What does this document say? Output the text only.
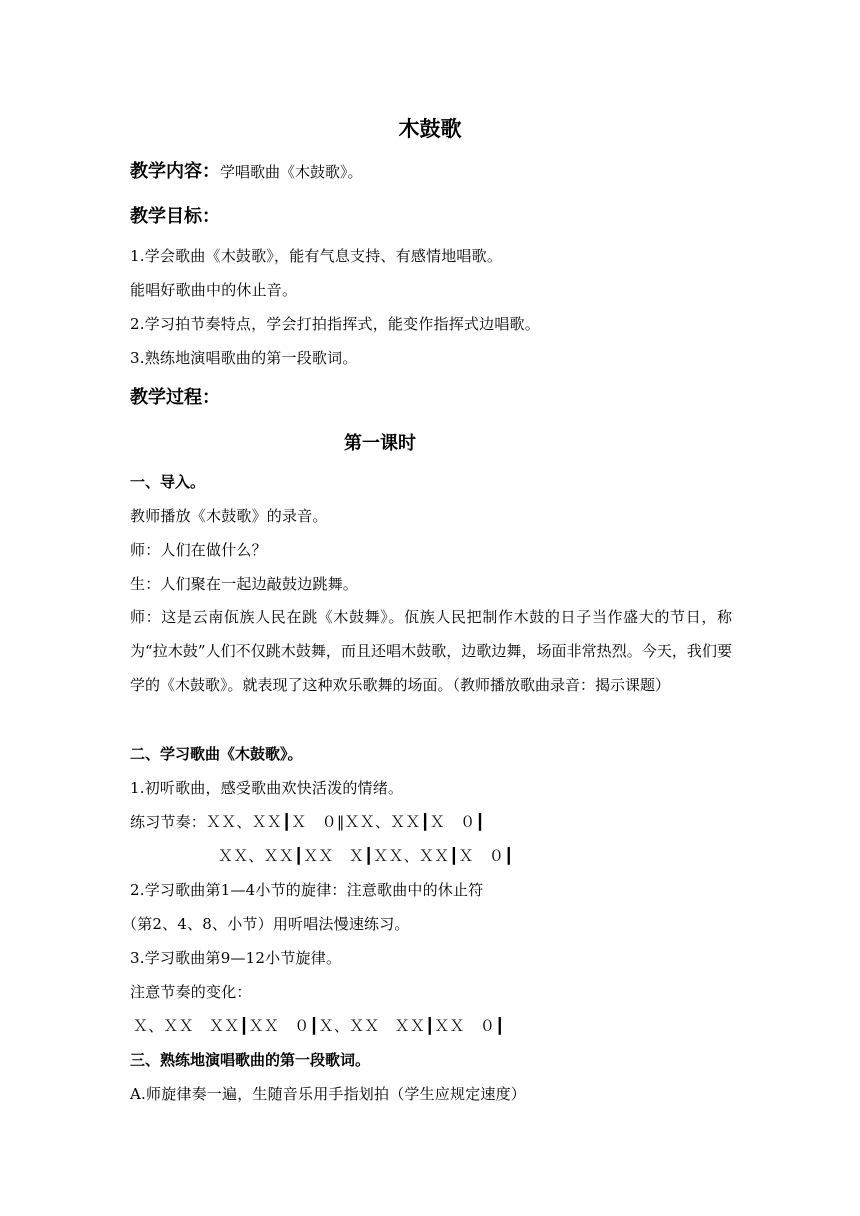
木鼓歌
教学内容：学唱歌曲《木鼓歌》。
教学目标：
1.学会歌曲《木鼓歌》，能有气息支持、有感情地唱歌。
能唱好歌曲中的休止音。
2.学习拍节奏特点，学会打拍指挥式，能变作指挥式边唱歌。
3.熟练地演唱歌曲的第一段歌词。
教学过程：
第一课时
一、导入。
教师播放《木鼓歌》的录音。
师：人们在做什么？
生：人们聚在一起边敲鼓边跳舞。
师：这是云南佤族人民在跳《木鼓舞》。佤族人民把制作木鼓的日子当作盛大的节日，称为“拉木鼓”人们不仅跳木鼓舞，而且还唱木鼓歌，边歌边舞，场面非常热烈。今天，我们要学的《木鼓歌》。就表现了这种欢乐歌舞的场面。（教师播放歌曲录音：揭示课题）
二、学习歌曲《木鼓歌》。
1.初听歌曲，感受歌曲欢快活泼的情绪。
练习节奏：ＸＸ、ＸＸ┃Ｘ　０‖ＸＸ、ＸＸ┃Ｘ　０┃
ＸＸ、ＸＸ┃ＸＸ　Ｘ┃ＸＸ、ＸＸ┃Ｘ　０┃
2.学习歌曲第1—4小节的旋律：注意歌曲中的休止符
（第2、4、8、小节）用听唱法慢速练习。
3.学习歌曲第9—12小节旋律。
注意节奏的变化：
Ｘ、ＸＸ　ＸＸ┃ＸＸ　０┃Ｘ、ＸＸ　ＸＸ┃ＸＸ　０┃
三、熟练地演唱歌曲的第一段歌词。
A.师旋律奏一遍，生随音乐用手指划拍（学生应规定速度）
